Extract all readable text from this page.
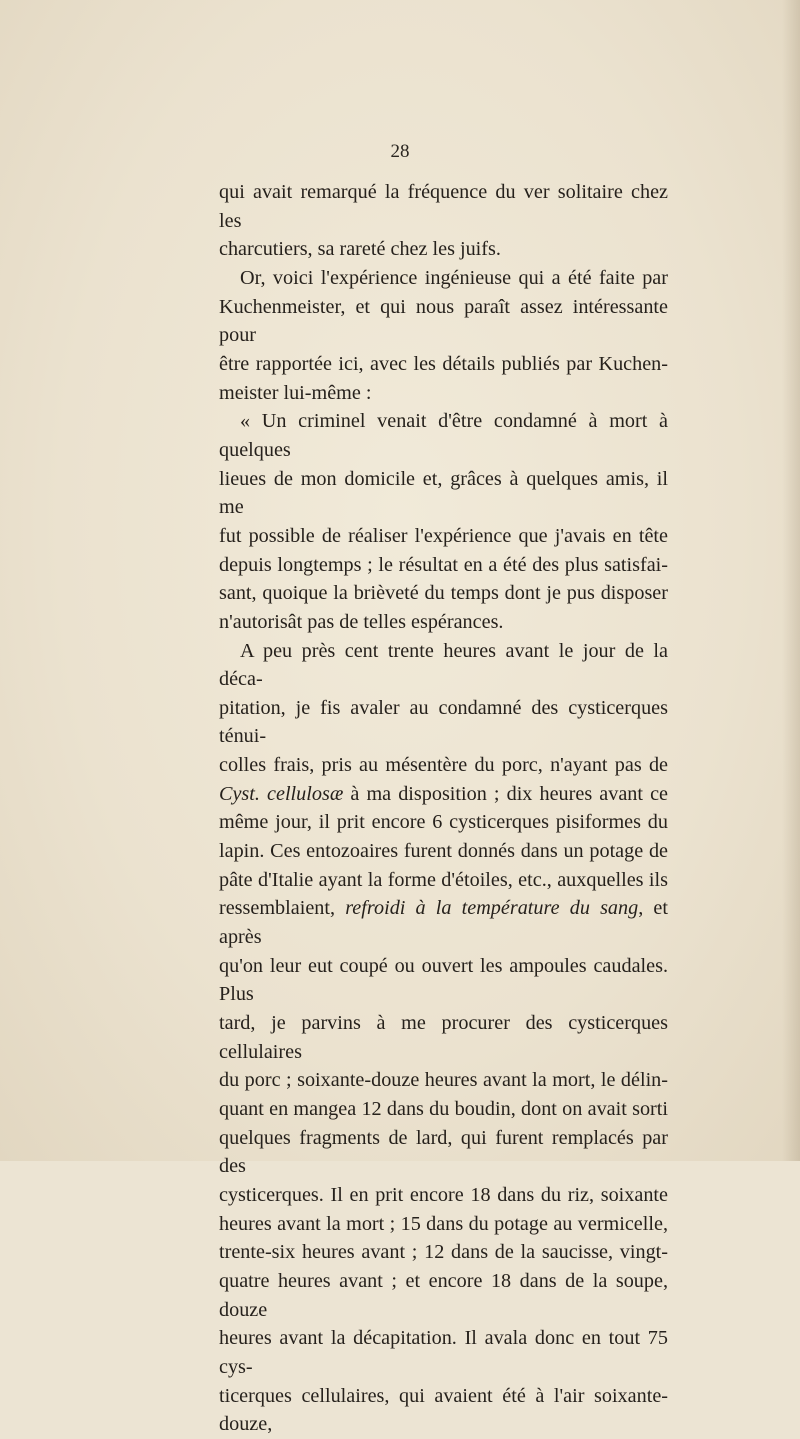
28

qui avait remarqué la fréquence du ver solitaire chez les

charcutiers, sa rareté chez les juifs.

Or, voici l'expérience ingénieuse qui a été faite par

Kuchenmeister, et qui nous paraît assez intéressante pour

être rapportée ici, avec les détails publiés par Kuchen-

meister lui-même :

« Un criminel venait d'être condamné à mort à quelques

lieues de mon domicile et, grâces à quelques amis, il me

fut possible de réaliser l'expérience que j'avais en tête

depuis longtemps ; le résultat en a été des plus satisfai-

sant, quoique la brièveté du temps dont je pus disposer

n'autorisât pas de telles espérances.

A peu près cent trente heures avant le jour de la déca-

pitation, je fis avaler au condamné des cysticerques ténui-

colles frais, pris au mésentère du porc, n'ayant pas de

Cyst. cellulosæ à ma disposition ; dix heures avant ce

même jour, il prit encore 6 cysticerques pisiformes du

lapin. Ces entozoaires furent donnés dans un potage de

pâte d'Italie ayant la forme d'étoiles, etc., auxquelles ils

ressemblaient, refroidi à la température du sang, et après

qu'on leur eut coupé ou ouvert les ampoules caudales. Plus

tard, je parvins à me procurer des cysticerques cellulaires

du porc ; soixante-douze heures avant la mort, le délin-

quant en mangea 12 dans du boudin, dont on avait sorti

quelques fragments de lard, qui furent remplacés par des

cysticerques. Il en prit encore 18 dans du riz, soixante

heures avant la mort ; 15 dans du potage au vermicelle,

trente-six heures avant ; 12 dans de la saucisse, vingt-

quatre heures avant ; et encore 18 dans de la soupe, douze

heures avant la décapitation. Il avala donc en tout 75 cys-

ticerques cellulaires, qui avaient été à l'air soixante-douze,
